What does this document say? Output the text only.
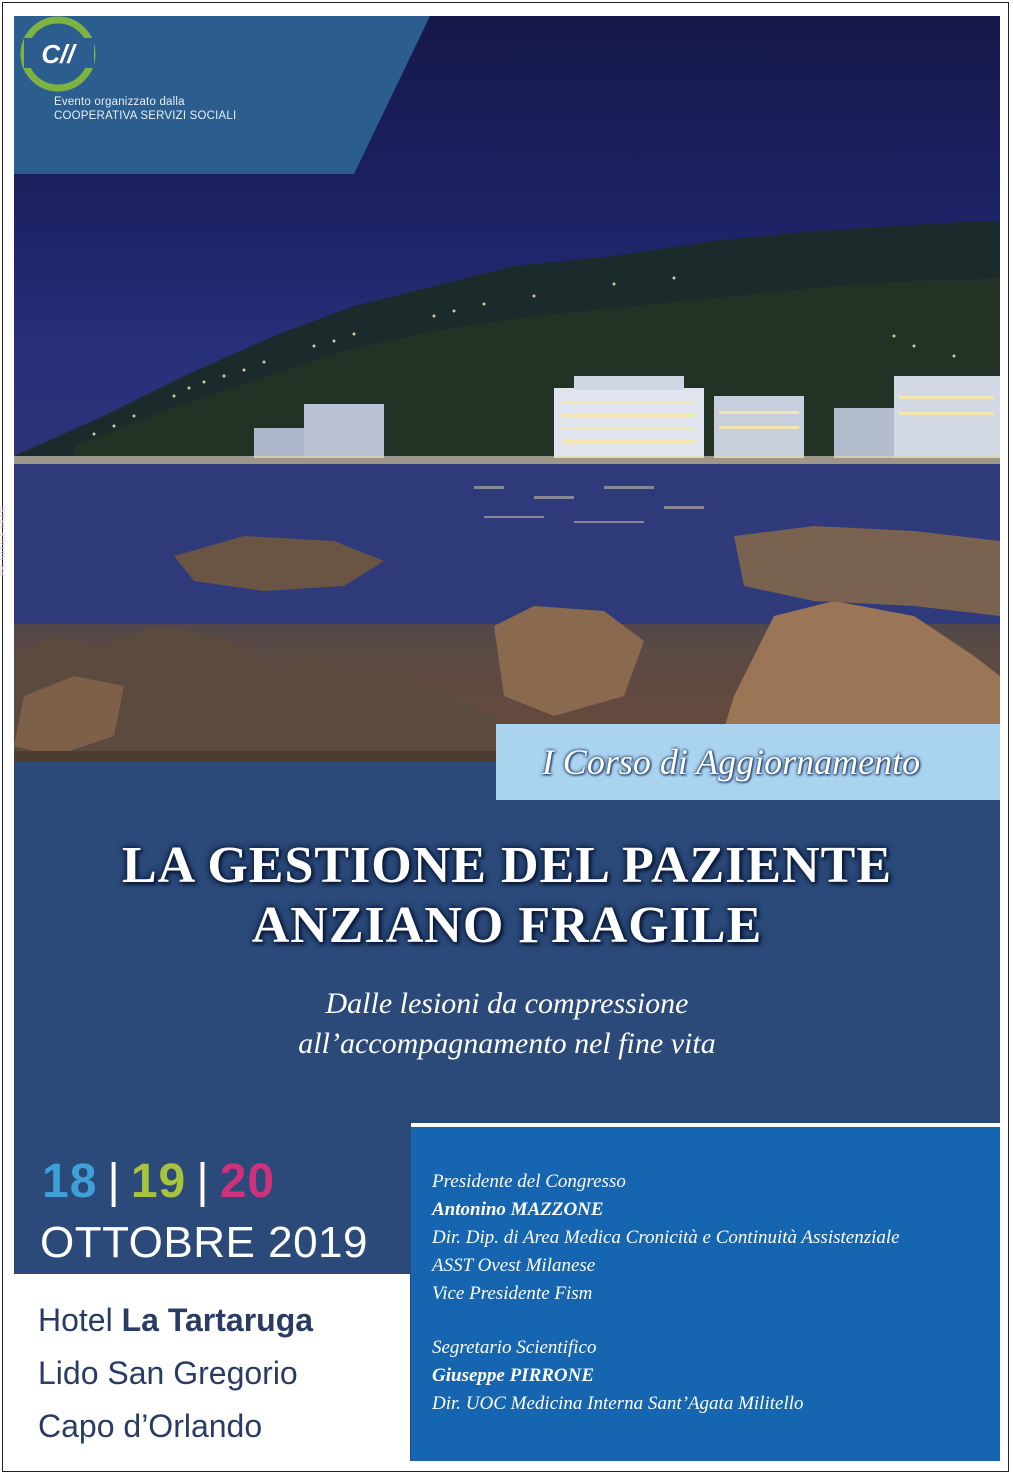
Evento organizzato dalla
COOPERATIVA SERVIZI SOCIALI
C//
PH. NATALE ARASI
I Corso di Aggiornamento
LA GESTIONE DEL PAZIENTE
ANZIANO FRAGILE
Dalle lesioni da compressione
all’accompagnamento nel fine vita
18 | 19 | 20
OTTOBRE 2019
Hotel La Tartaruga
Lido San Gregorio
Capo d’Orlando
Presidente del Congresso
Antonino MAZZONE
Dir. Dip. di Area Medica Cronicità e Continuità Assistenziale
ASST Ovest Milanese
Vice Presidente Fism
Segretario Scientifico
Giuseppe PIRRONE
Dir. UOC Medicina Interna Sant’Agata Militello
